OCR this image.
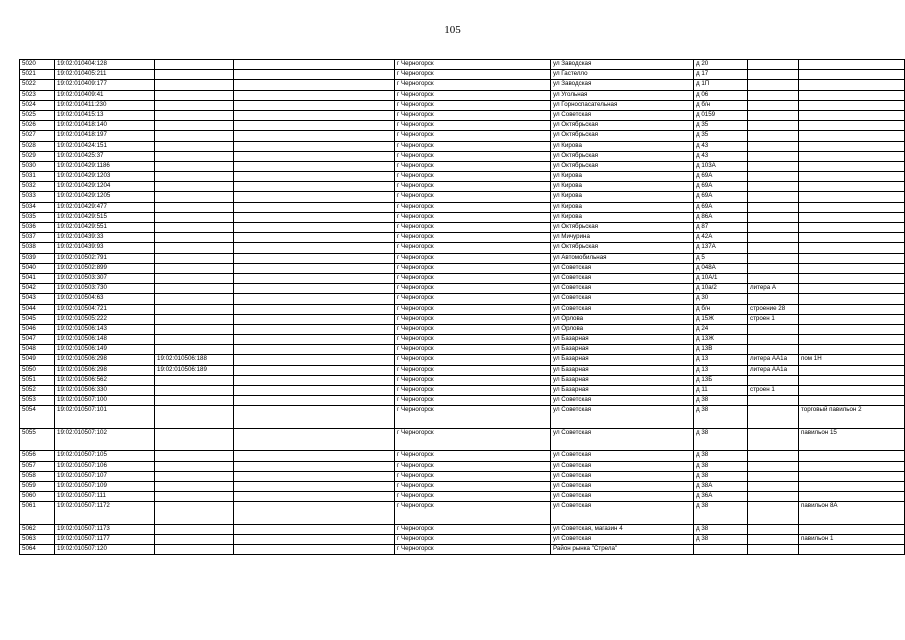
105
5020	19:02:010404:128			г Черногорск	ул Заводская	д 20		
5021	19:02:010405:211			г Черногорск	ул Гастелло	д 17		
5022	19:02:010409:177			г Черногорск	ул Заводская	д 1П		
5023	19:02:010409:41			г Черногорск	ул Угольная	д 06		
5024	19:02:010411:230			г Черногорск	ул Горноспасательная	д б/н		
5025	19:02:010415:13			г Черногорск	ул Советская	д 0159		
5026	19:02:010418:140			г Черногорск	ул Октябрьская	д 35		
5027	19:02:010418:197			г Черногорск	ул Октябрьская	д 35		
5028	19:02:010424:151			г Черногорск	ул Кирова	д 43		
5029	19:02:010425:37			г Черногорск	ул Октябрьская	д 43		
5030	19:02:010429:1186			г Черногорск	ул Октябрьская	д 103А		
5031	19:02:010429:1203			г Черногорск	ул Кирова	д 69А		
5032	19:02:010429:1204			г Черногорск	ул Кирова	д 69А		
5033	19:02:010429:1205			г Черногорск	ул Кирова	д 69А		
5034	19:02:010429:477			г Черногорск	ул Кирова	д 69А		
5035	19:02:010429:515			г Черногорск	ул Кирова	д 86А		
5036	19:02:010429:551			г Черногорск	ул Октябрьская	д 87		
5037	19:02:010439:33			г Черногорск	ул Мичурина	д 42А		
5038	19:02:010439:93			г Черногорск	ул Октябрьская	д 137А		
5039	19:02:010502:791			г Черногорск	ул Автомобильная	д 5		
5040	19:02:010502:899			г Черногорск	ул Советская	д 048А		
5041	19:02:010503:307			г Черногорск	ул Советская	д 10А/1		
5042	19:02:010503:730			г Черногорск	ул Советская	д 10а/2	литера А	
5043	19:02:010504:63			г Черногорск	ул Советская	д 30		
5044	19:02:010504:721			г Черногорск	ул Советская	д б/н	строение 28	
5045	19:02:010505:222			г Черногорск	ул Орлова	д 15Ж	строен 1	
5046	19:02:010506:143			г Черногорск	ул Орлова	д 24		
5047	19:02:010506:148			г Черногорск	ул Базарная	д 13Ж		
5048	19:02:010506:149			г Черногорск	ул Базарная	д 13В		
5049	19:02:010506:298	19:02:010506:188		г Черногорск	ул Базарная	д 13	литера АА1а	пом 1Н
5050	19:02:010506:298	19:02:010506:189		г Черногорск	ул Базарная	д 13	литера АА1а	
5051	19:02:010506:562			г Черногорск	ул Базарная	д 13Б		
5052	19:02:010506:330			г Черногорск	ул Базарная	д 11	строен 1	
5053	19:02:010507:100			г Черногорск	ул Советская	д 38		
5054	19:02:010507:101			г Черногорск	ул Советская	д 38		торговый павильон 2
5055	19:02:010507:102			г Черногорск	ул Советская	д 38		павильон 15
5056	19:02:010507:105			г Черногорск	ул Советская	д 38		
5057	19:02:010507:106			г Черногорск	ул Советская	д 38		
5058	19:02:010507:107			г Черногорск	ул Советская	д 38		
5059	19:02:010507:109			г Черногорск	ул Советская	д 38А		
5060	19:02:010507:111			г Черногорск	ул Советская	д 36А		
5061	19:02:010507:1172			г Черногорск	ул Советская	д 38		павильон 8А
5062	19:02:010507:1173			г Черногорск	ул Советская, магазин 4	д 38		
5063	19:02:010507:1177			г Черногорск	ул Советская	д 38		павильон 1
5064	19:02:010507:120			г Черногорск	Район рынка "Стрела"			
